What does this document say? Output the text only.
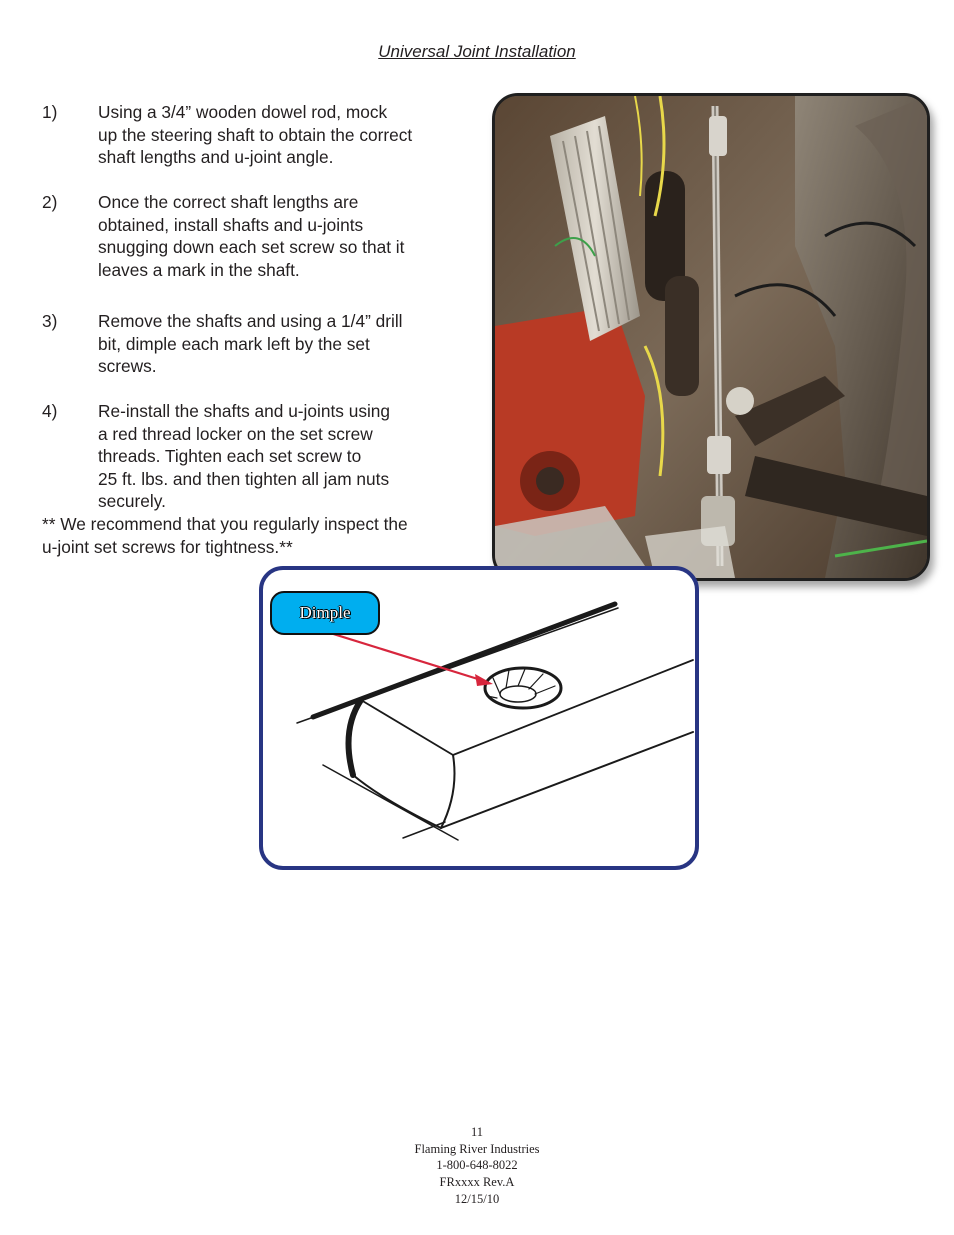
Universal Joint Installation
1) Using a 3/4” wooden dowel rod, mock
up the steering shaft to obtain the correct
shaft lengths and u-joint angle.
2) Once the correct shaft lengths are
obtained, install shafts and u-joints
snugging down each set screw so that it
leaves a mark in the shaft.
3) Remove the shafts and using a 1/4” drill
bit, dimple each mark left by the set
screws.
4) Re-install the shafts and u-joints using
a red thread locker on the set screw
threads. Tighten each set screw to
25 ft. lbs. and then tighten all jam nuts
securely.
** We recommend that you regularly inspect the
u-joint set screws for tightness.**
Dimple
11
Flaming River Industries
1-800-648-8022
FRxxxx Rev.A
12/15/10
